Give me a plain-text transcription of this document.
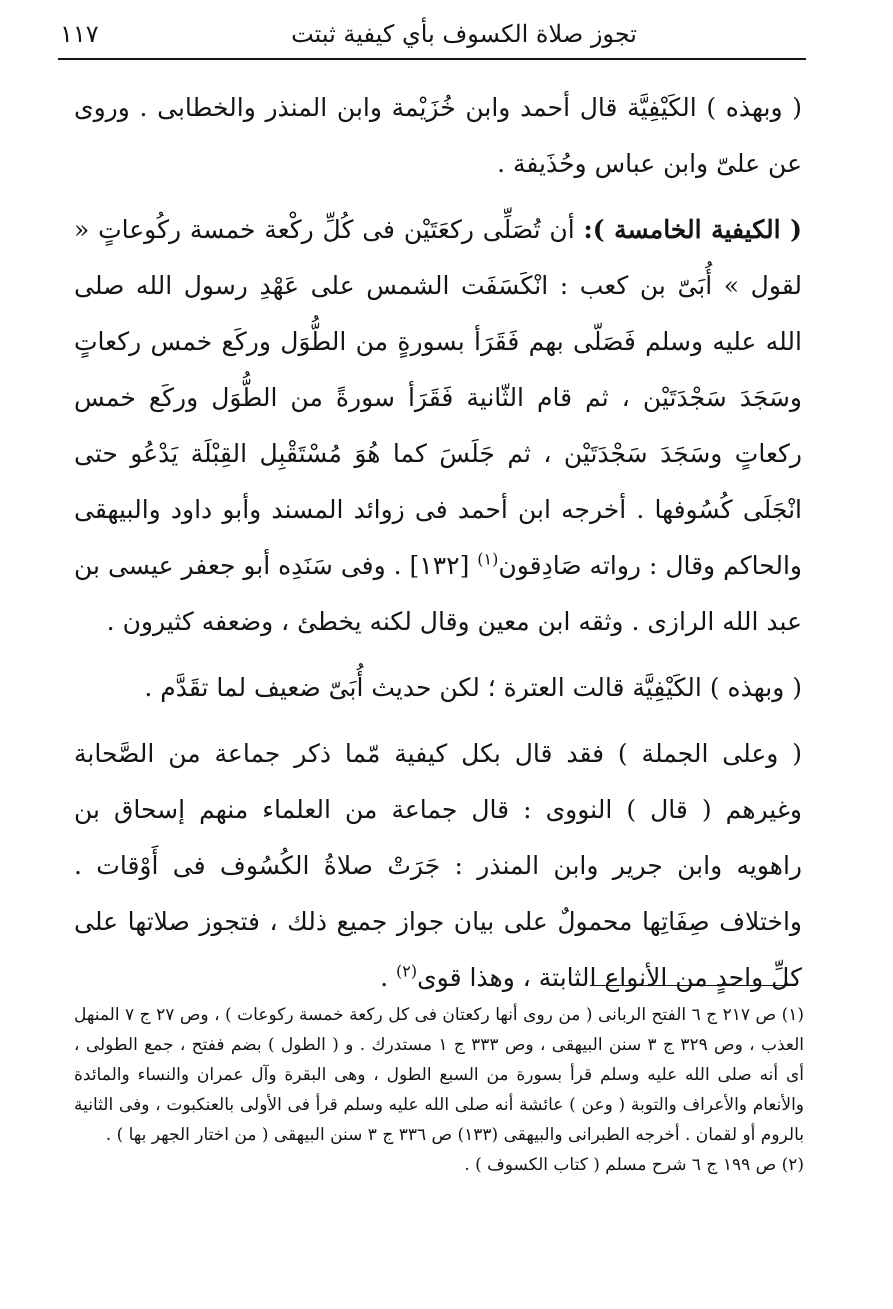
تجوز صلاة الكسوف بأي كيفية ثبتت
١١٧

( وبهذه ) الكَيْفِيَّة قال أحمد وابن خُزَيْمة وابن المنذر والخطابى . وروى عن علىّ وابن عباس وحُذَيفة .

( الكيفية الخامسة ): أن تُصَلِّى ركعَتَيْن فى كُلِّ ركْعة خمسة ركُوعاتٍ « لقول » أُبَىّ بن كعب : انْكَسَفَت الشمس على عَهْدِ رسول الله صلى الله عليه وسلم فَصَلّى بهم فَقَرَأ بسورةٍ من الطُّوَل وركَع خمس ركعاتٍ وسَجَدَ سَجْدَتَيْن ، ثم قام الثّانية فَقَرَأ سورةً من الطُّوَل وركَع خمس ركعاتٍ وسَجَدَ سَجْدَتَيْن ، ثم جَلَسَ كما هُوَ مُسْتَقْبِل القِبْلَة يَدْعُو حتى انْجَلَى كُسُوفها . أخرجه ابن أحمد فى زوائد المسند وأبو داود والبيهقى والحاكم وقال : رواته صَادِقون$^{(١)}$ [١٣٢] . وفى سَنَدِه أبو جعفر عيسى بن عبد الله الرازى . وثقه ابن معين وقال لكنه يخطئ ، وضعفه كثيرون .

( وبهذه ) الكَيْفِيَّة قالت العترة ؛ لكن حديث أُبَىّ ضعيف لما تقَدَّم .

( وعلى الجملة ) فقد قال بكل كيفية مّما ذكر جماعة من الصَّحابة وغيرهم ( قال ) النووى : قال جماعة من العلماء منهم إسحاق بن راهويه وابن جرير وابن المنذر : جَرَتْ صلاةُ الكُسُوف فى أَوْقات . واختلاف صِفَاتِها محمولٌ على بيان جواز جميع ذلك ، فتجوز صلاتها على كلِّ واحدٍ من الأنواع الثابتة ، وهذا قوى$^{(٢)}$ .

(١) ص ٢١٧ ج ٦ الفتح الربانى ( من روى أنها ركعتان فى كل ركعة خمسة ركوعات ) ، وص ٢٧ ج ٧ المنهل العذب ، وص ٣٢٩ ج ٣ سنن البيهقى ، وص ٣٣٣ ج ١ مستدرك . و ( الطول ) بضم ففتح ، جمع الطولى ، أى أنه صلى الله عليه وسلم قرأ بسورة من السبع الطول ، وهى البقرة وآل عمران والنساء والمائدة والأنعام والأعراف والتوبة ( وعن ) عائشة أنه صلى الله عليه وسلم قرأ فى الأولى بالعنكبوت ، وفى الثانية بالروم أو لقمان . أخرجه الطبرانى والبيهقى (١٣٣) ص ٣٣٦ ج ٣ سنن البيهقى ( من اختار الجهر بها ) .

(٢) ص ١٩٩ ج ٦ شرح مسلم ( كتاب الكسوف ) .
